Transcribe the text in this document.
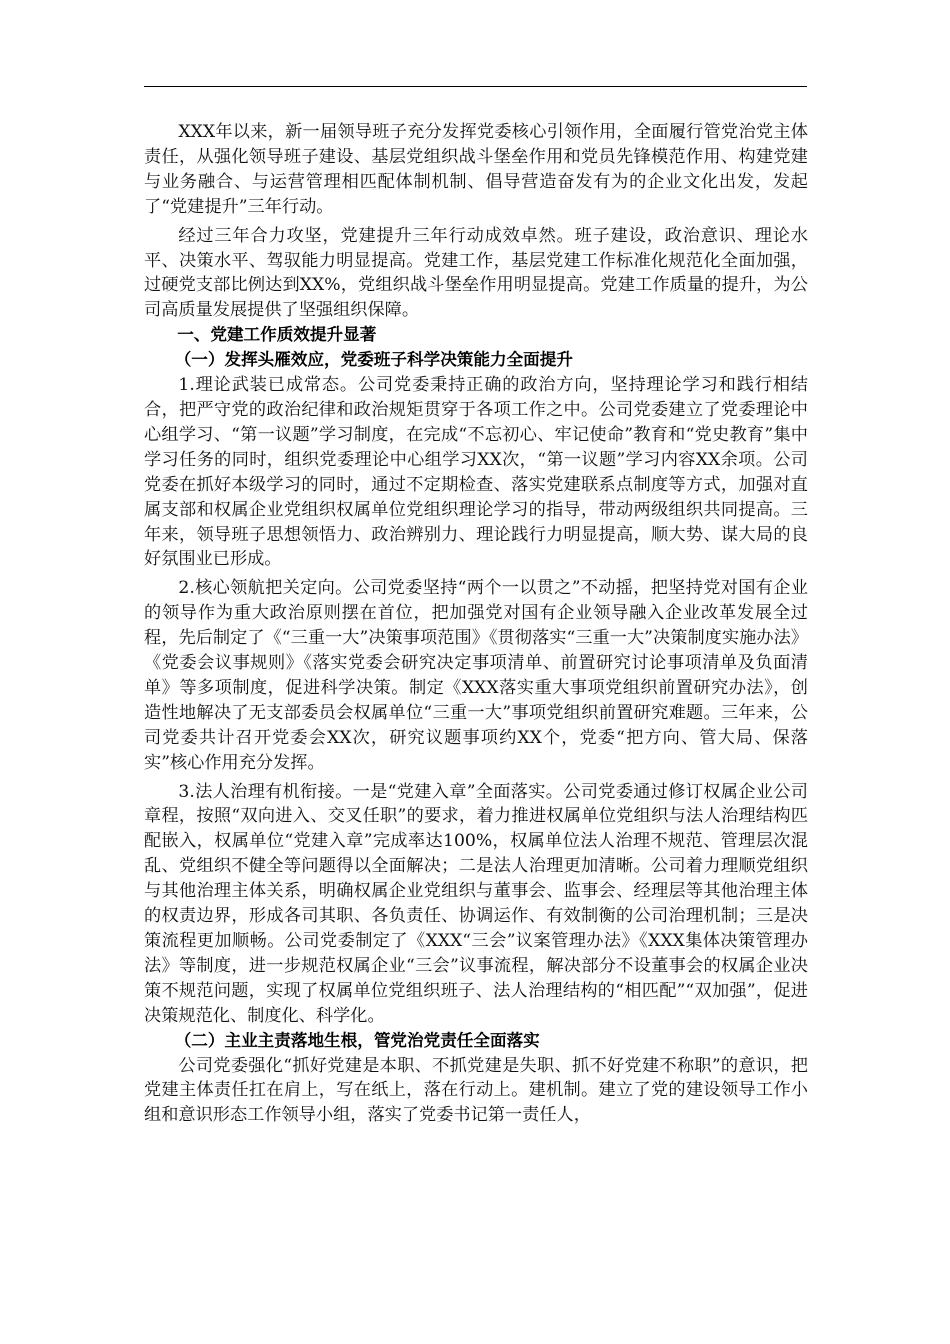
XXX年以来，新一届领导班子充分发挥党委核心引领作用，全面履行管党治党主体责任，从强化领导班子建设、基层党组织战斗堡垒作用和党员先锋模范作用、构建党建与业务融合、与运营管理相匹配体制机制、倡导营造奋发有为的企业文化出发，发起了“党建提升”三年行动。

经过三年合力攻坚，党建提升三年行动成效卓然。班子建设，政治意识、理论水平、决策水平、驾驭能力明显提高。党建工作，基层党建工作标准化规范化全面加强，过硬党支部比例达到XX%，党组织战斗堡垒作用明显提高。党建工作质量的提升，为公司高质量发展提供了坚强组织保障。

一、党建工作质效提升显著
（一）发挥头雁效应，党委班子科学决策能力全面提升

1.理论武装已成常态。公司党委秉持正确的政治方向，坚持理论学习和践行相结合，把严守党的政治纪律和政治规矩贯穿于各项工作之中。公司党委建立了党委理论中心组学习、“第一议题”学习制度，在完成“不忘初心、牢记使命”教育和“党史教育”集中学习任务的同时，组织党委理论中心组学习XX次，“第一议题”学习内容XX余项。公司党委在抓好本级学习的同时，通过不定期检查、落实党建联系点制度等方式，加强对直属支部和权属企业党组织权属单位党组织理论学习的指导，带动两级组织共同提高。三年来，领导班子思想领悟力、政治辨别力、理论践行力明显提高，顺大势、谋大局的良好氛围业已形成。

2.核心领航把关定向。公司党委坚持“两个一以贯之”不动摇，把坚持党对国有企业的领导作为重大政治原则摆在首位，把加强党对国有企业领导融入企业改革发展全过程，先后制定了《“三重一大”决策事项范围》《贯彻落实“三重一大”决策制度实施办法》《党委会议事规则》《落实党委会研究决定事项清单、前置研究讨论事项清单及负面清单》等多项制度，促进科学决策。制定《XXX落实重大事项党组织前置研究办法》，创造性地解决了无支部委员会权属单位“三重一大”事项党组织前置研究难题。三年来，公司党委共计召开党委会XX次，研究议题事项约XX个，党委“把方向、管大局、保落实”核心作用充分发挥。

3.法人治理有机衔接。一是“党建入章”全面落实。公司党委通过修订权属企业公司章程，按照“双向进入、交叉任职”的要求，着力推进权属单位党组织与法人治理结构匹配嵌入，权属单位“党建入章”完成率达100%，权属单位法人治理不规范、管理层次混乱、党组织不健全等问题得以全面解决；二是法人治理更加清晰。公司着力理顺党组织与其他治理主体关系，明确权属企业党组织与董事会、监事会、经理层等其他治理主体的权责边界，形成各司其职、各负责任、协调运作、有效制衡的公司治理机制；三是决策流程更加顺畅。公司党委制定了《XXX“三会”议案管理办法》《XXX集体决策管理办法》等制度，进一步规范权属企业“三会”议事流程，解决部分不设董事会的权属企业决策不规范问题，实现了权属单位党组织班子、法人治理结构的“相匹配”“双加强”，促进决策规范化、制度化、科学化。

（二）主业主责落地生根，管党治党责任全面落实

公司党委强化“抓好党建是本职、不抓党建是失职、抓不好党建不称职”的意识，把党建主体责任扛在肩上，写在纸上，落在行动上。建机制。建立了党的建设领导工作小组和意识形态工作领导小组，落实了党委书记第一责任人，
